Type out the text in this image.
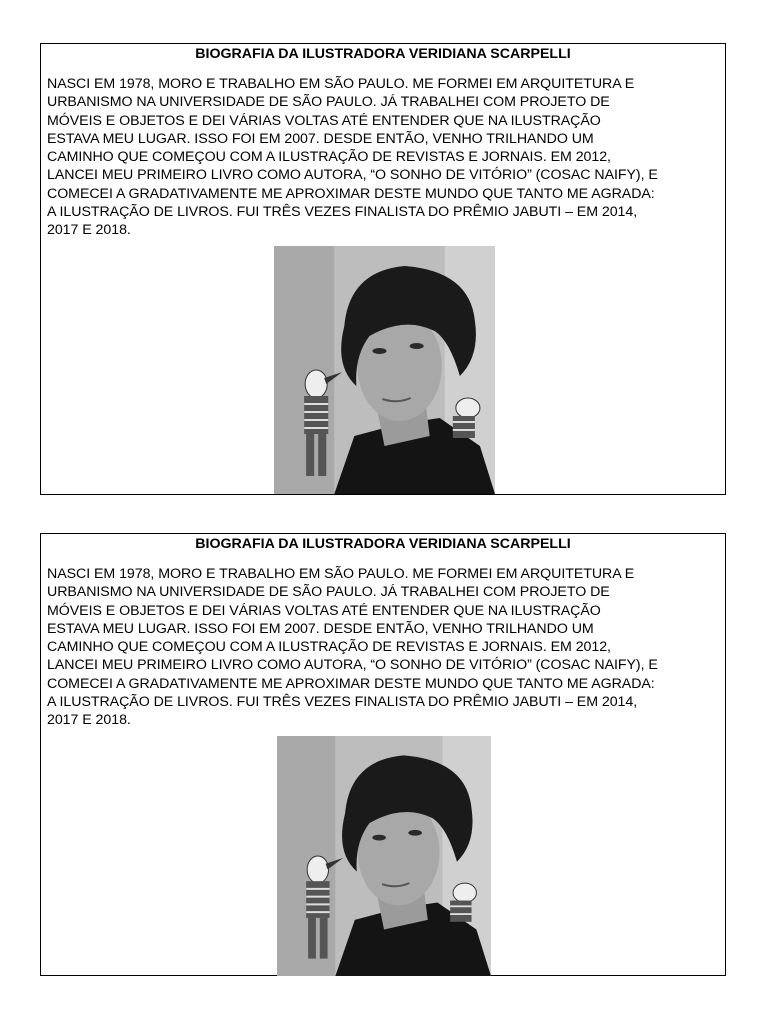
BIOGRAFIA DA ILUSTRADORA VERIDIANA SCARPELLI
NASCI EM 1978, MORO E TRABALHO EM SÃO PAULO. ME FORMEI EM ARQUITETURA E
URBANISMO NA UNIVERSIDADE DE SÃO PAULO. JÁ TRABALHEI COM PROJETO DE
MÓVEIS E OBJETOS E DEI VÁRIAS VOLTAS ATÉ ENTENDER QUE NA ILUSTRAÇÃO
ESTAVA MEU LUGAR. ISSO FOI EM 2007. DESDE ENTÃO, VENHO TRILHANDO UM
CAMINHO QUE COMEÇOU COM A ILUSTRAÇÃO DE REVISTAS E JORNAIS. EM 2012,
LANCEI MEU PRIMEIRO LIVRO COMO AUTORA, “O SONHO DE VITÓRIO” (COSAC NAIFY), E
COMECEI A GRADATIVAMENTE ME APROXIMAR DESTE MUNDO QUE TANTO ME AGRADA:
A ILUSTRAÇÃO DE LIVROS. FUI TRÊS VEZES FINALISTA DO PRÊMIO JABUTI – EM 2014,
2017 E 2018.
BIOGRAFIA DA ILUSTRADORA VERIDIANA SCARPELLI
NASCI EM 1978, MORO E TRABALHO EM SÃO PAULO. ME FORMEI EM ARQUITETURA E
URBANISMO NA UNIVERSIDADE DE SÃO PAULO. JÁ TRABALHEI COM PROJETO DE
MÓVEIS E OBJETOS E DEI VÁRIAS VOLTAS ATÉ ENTENDER QUE NA ILUSTRAÇÃO
ESTAVA MEU LUGAR. ISSO FOI EM 2007. DESDE ENTÃO, VENHO TRILHANDO UM
CAMINHO QUE COMEÇOU COM A ILUSTRAÇÃO DE REVISTAS E JORNAIS. EM 2012,
LANCEI MEU PRIMEIRO LIVRO COMO AUTORA, “O SONHO DE VITÓRIO” (COSAC NAIFY), E
COMECEI A GRADATIVAMENTE ME APROXIMAR DESTE MUNDO QUE TANTO ME AGRADA:
A ILUSTRAÇÃO DE LIVROS. FUI TRÊS VEZES FINALISTA DO PRÊMIO JABUTI – EM 2014,
2017 E 2018.
